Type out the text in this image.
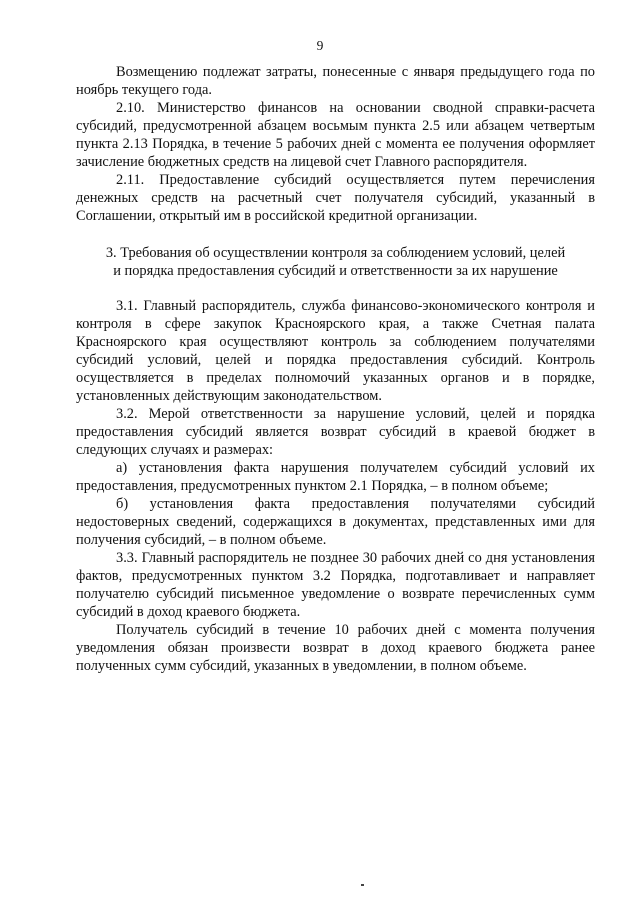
9

Возмещению подлежат затраты, понесенные с января предыдущего года по ноябрь текущего года.

2.10. Министерство финансов на основании сводной справки-расчета субсидий, предусмотренной абзацем восьмым пункта 2.5 или абзацем четвертым пункта 2.13 Порядка, в течение 5 рабочих дней с момента ее получения оформляет зачисление бюджетных средств на лицевой счет Главного распорядителя.

2.11. Предоставление субсидий осуществляется путем перечисления денежных средств на расчетный счет получателя субсидий, указанный в Соглашении, открытый им в российской кредитной организации.

3. Требования об осуществлении контроля за соблюдением условий, целей
и порядка предоставления субсидий и ответственности за их нарушение

3.1. Главный распорядитель, служба финансово-экономического контроля и контроля в сфере закупок Красноярского края, а также Счетная палата Красноярского края осуществляют контроль за соблюдением получателями субсидий условий, целей и порядка предоставления субсидий. Контроль осуществляется в пределах полномочий указанных органов и в порядке, установленных действующим законодательством.

3.2. Мерой ответственности за нарушение условий, целей и порядка предоставления субсидий является возврат субсидий в краевой бюджет в следующих случаях и размерах:

а) установления факта нарушения получателем субсидий условий их предоставления, предусмотренных пунктом 2.1 Порядка, – в полном объеме;

б) установления факта предоставления получателями субсидий недостоверных сведений, содержащихся в документах, представленных ими для получения субсидий, – в полном объеме.

3.3. Главный распорядитель не позднее 30 рабочих дней со дня установления фактов, предусмотренных пунктом 3.2 Порядка, подготавливает и направляет получателю субсидий письменное уведомление о возврате перечисленных сумм субсидий в доход краевого бюджета.

Получатель субсидий в течение 10 рабочих дней с момента получения уведомления обязан произвести возврат в доход краевого бюджета ранее полученных сумм субсидий, указанных в уведомлении, в полном объеме.
